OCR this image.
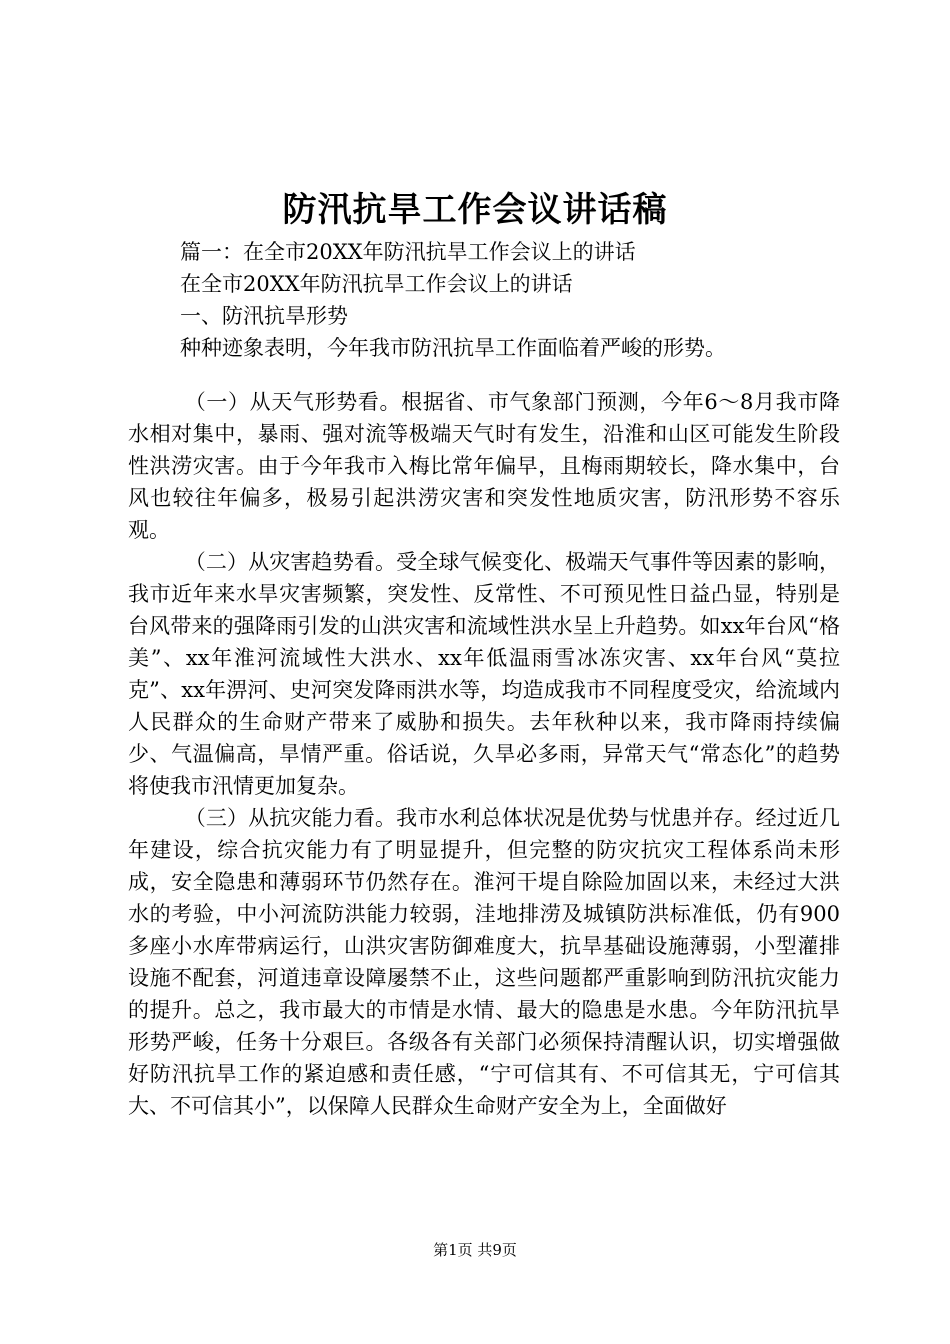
防汛抗旱工作会议讲话稿
篇一：在全市20XX年防汛抗旱工作会议上的讲话
在全市20XX年防汛抗旱工作会议上的讲话
一、防汛抗旱形势
种种迹象表明，今年我市防汛抗旱工作面临着严峻的形势。

（一）从天气形势看。根据省、市气象部门预测，今年6～8月我市降水相对集中，暴雨、强对流等极端天气时有发生，沿淮和山区可能发生阶段性洪涝灾害。由于今年我市入梅比常年偏早，且梅雨期较长，降水集中，台风也较往年偏多，极易引起洪涝灾害和突发性地质灾害，防汛形势不容乐观。

（二）从灾害趋势看。受全球气候变化、极端天气事件等因素的影响，我市近年来水旱灾害频繁，突发性、反常性、不可预见性日益凸显，特别是台风带来的强降雨引发的山洪灾害和流域性洪水呈上升趋势。如xx年台风“格美”、xx年淮河流域性大洪水、xx年低温雨雪冰冻灾害、xx年台风“莫拉克”、xx年淠河、史河突发降雨洪水等，均造成我市不同程度受灾，给流域内人民群众的生命财产带来了威胁和损失。去年秋种以来，我市降雨持续偏少、气温偏高，旱情严重。俗话说，久旱必多雨，异常天气“常态化”的趋势将使我市汛情更加复杂。

（三）从抗灾能力看。我市水利总体状况是优势与忧患并存。经过近几年建设，综合抗灾能力有了明显提升，但完整的防灾抗灾工程体系尚未形成，安全隐患和薄弱环节仍然存在。淮河干堤自除险加固以来，未经过大洪水的考验，中小河流防洪能力较弱，洼地排涝及城镇防洪标准低，仍有900多座小水库带病运行，山洪灾害防御难度大，抗旱基础设施薄弱，小型灌排设施不配套，河道违章设障屡禁不止，这些问题都严重影响到防汛抗灾能力的提升。总之，我市最大的市情是水情、最大的隐患是水患。今年防汛抗旱形势严峻，任务十分艰巨。各级各有关部门必须保持清醒认识，切实增强做好防汛抗旱工作的紧迫感和责任感，“宁可信其有、不可信其无，宁可信其大、不可信其小”，以保障人民群众生命财产安全为上，全面做好

第1页 共9页
